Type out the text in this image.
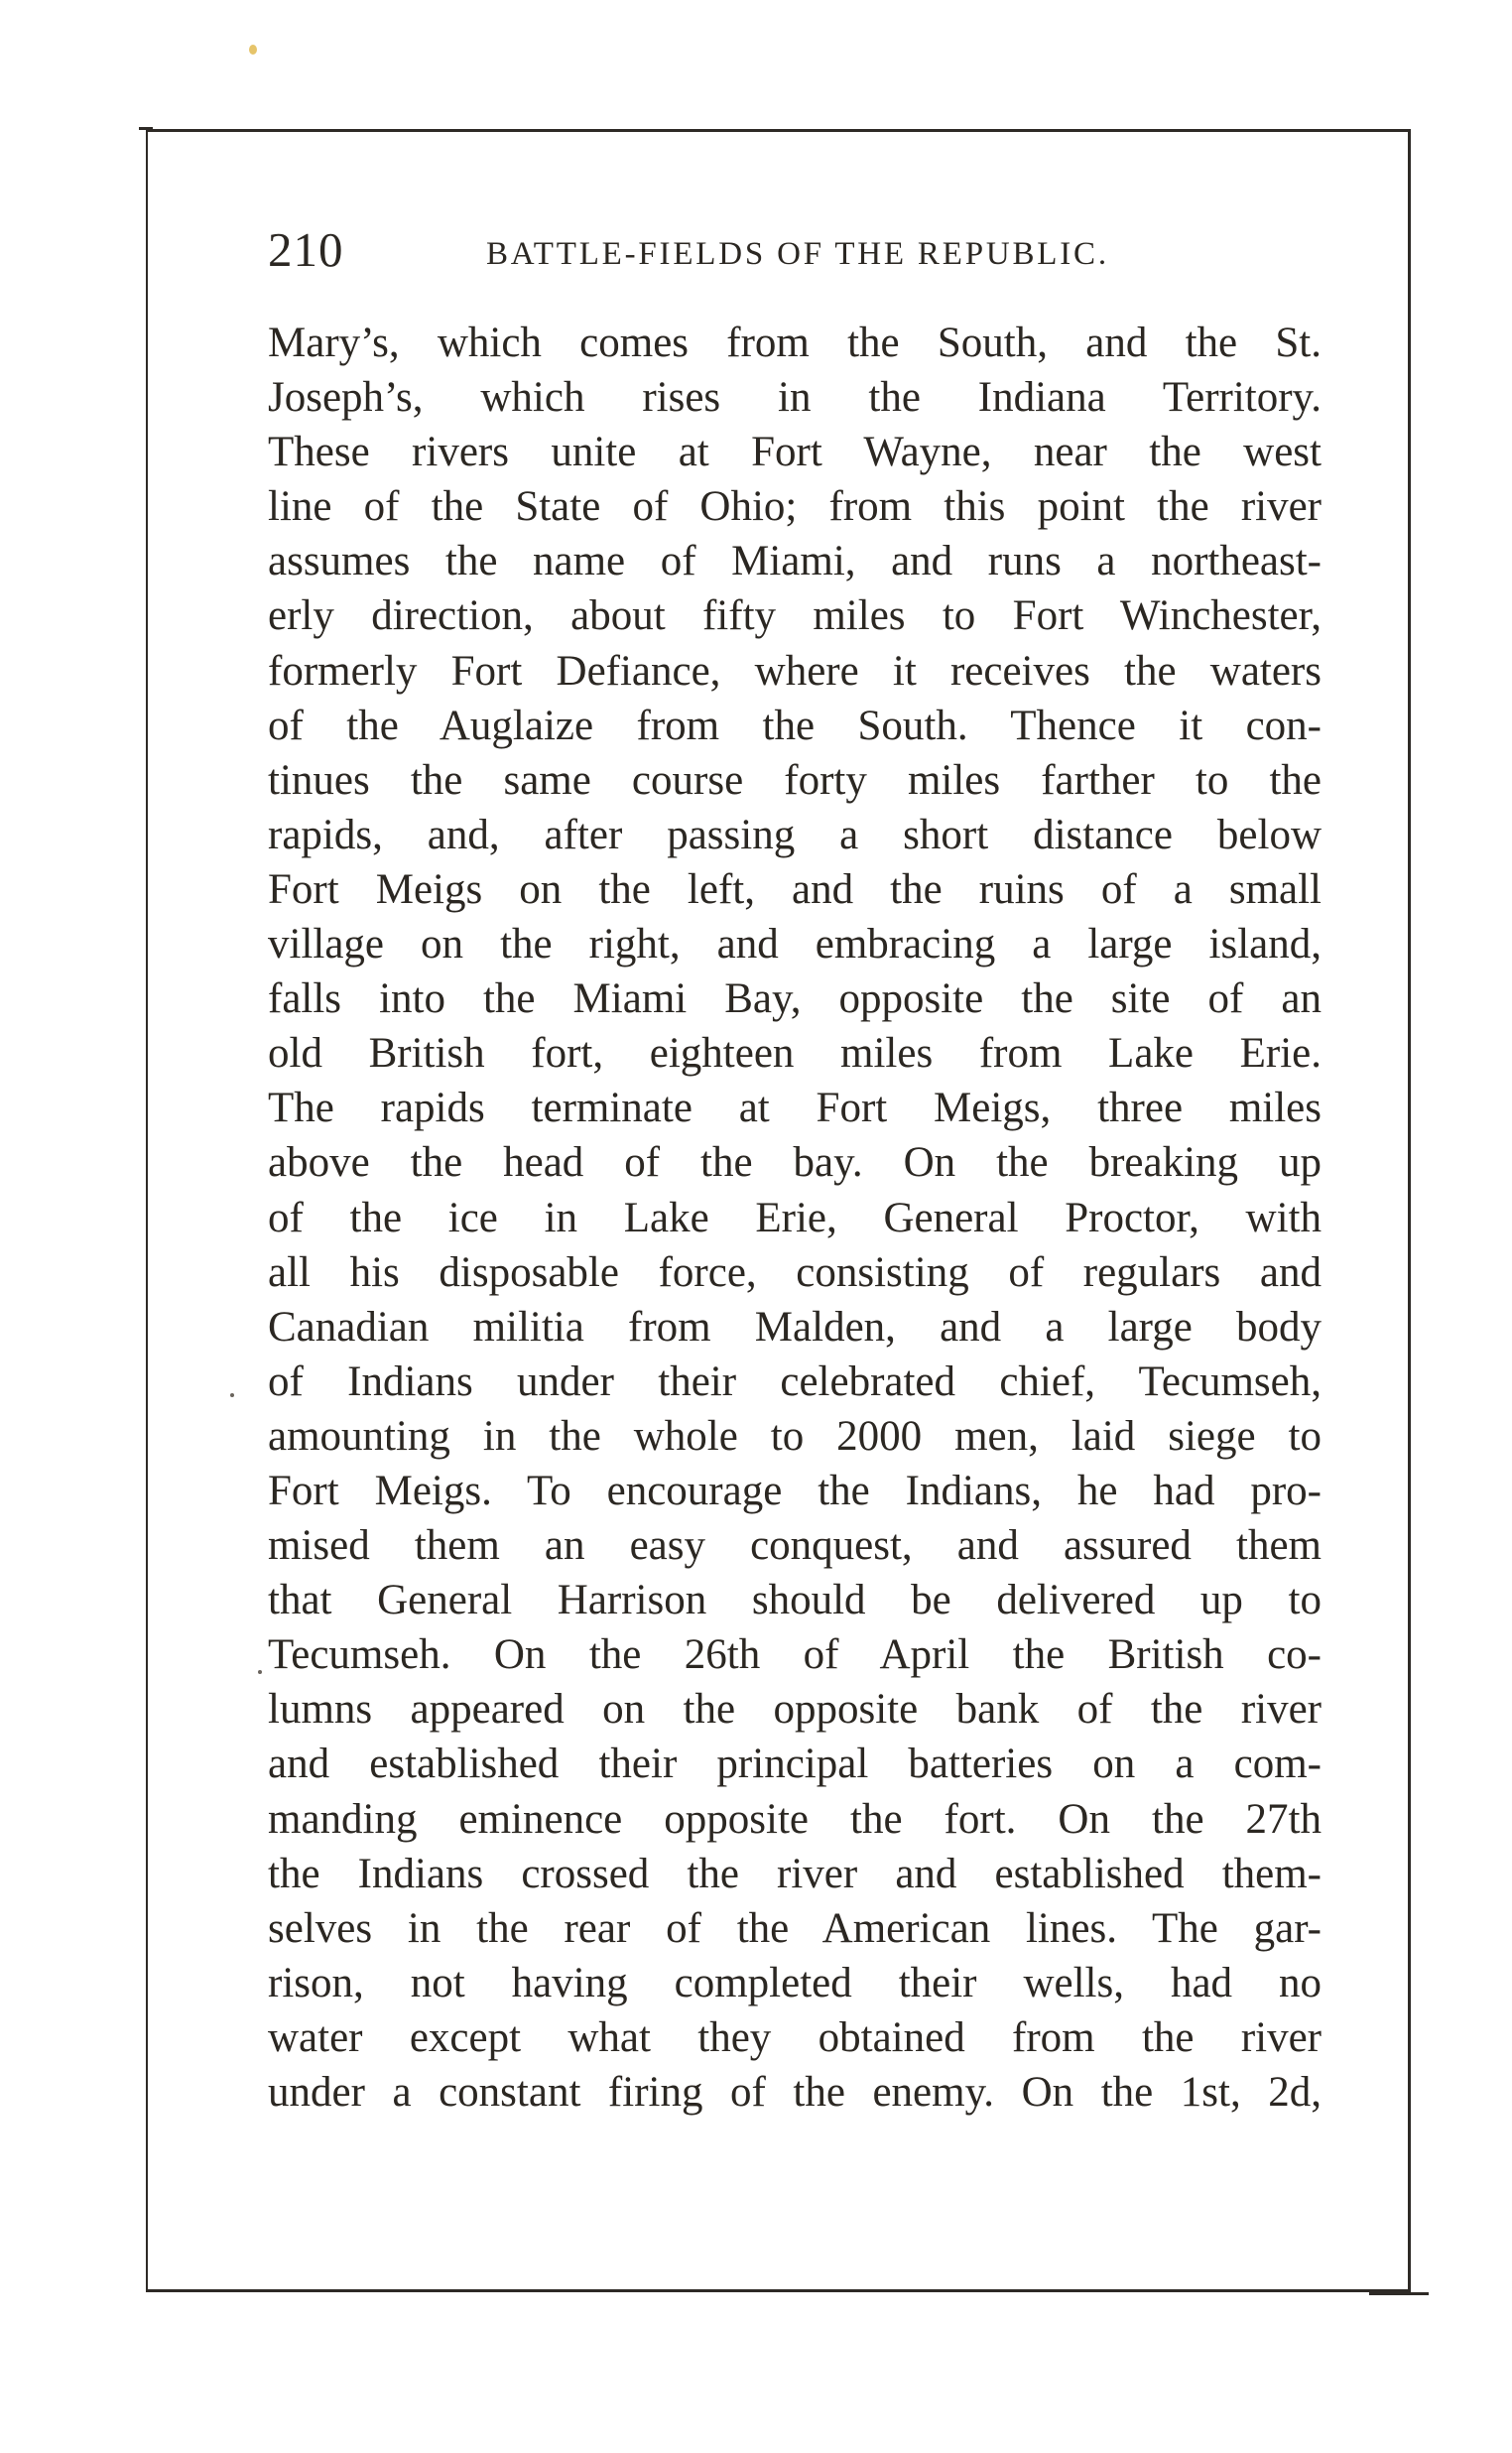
210	BATTLE-FIELDS OF THE REPUBLIC.
Mary’s, which comes from the South, and the St.
Joseph’s, which rises in the Indiana Territory.
These rivers unite at Fort Wayne, near the west
line of the State of Ohio; from this point the river
assumes the name of Miami, and runs a northeast-
erly direction, about fifty miles to Fort Winchester,
formerly Fort Defiance, where it receives the waters
of the Auglaize from the South. Thence it con-
tinues the same course forty miles farther to the
rapids, and, after passing a short distance below
Fort Meigs on the left, and the ruins of a small
village on the right, and embracing a large island,
falls into the Miami Bay, opposite the site of an
old British fort, eighteen miles from Lake Erie.
The rapids terminate at Fort Meigs, three miles
above the head of the bay. On the breaking up
of the ice in Lake Erie, General Proctor, with
all his disposable force, consisting of regulars and
Canadian militia from Malden, and a large body
of Indians under their celebrated chief, Tecumseh,
amounting in the whole to 2000 men, laid siege to
Fort Meigs. To encourage the Indians, he had pro-
mised them an easy conquest, and assured them
that General Harrison should be delivered up to
Tecumseh. On the 26th of April the British co-
lumns appeared on the opposite bank of the river
and established their principal batteries on a com-
manding eminence opposite the fort. On the 27th
the Indians crossed the river and established them-
selves in the rear of the American lines. The gar-
rison, not having completed their wells, had no
water except what they obtained from the river
under a constant firing of the enemy. On the 1st, 2d,
